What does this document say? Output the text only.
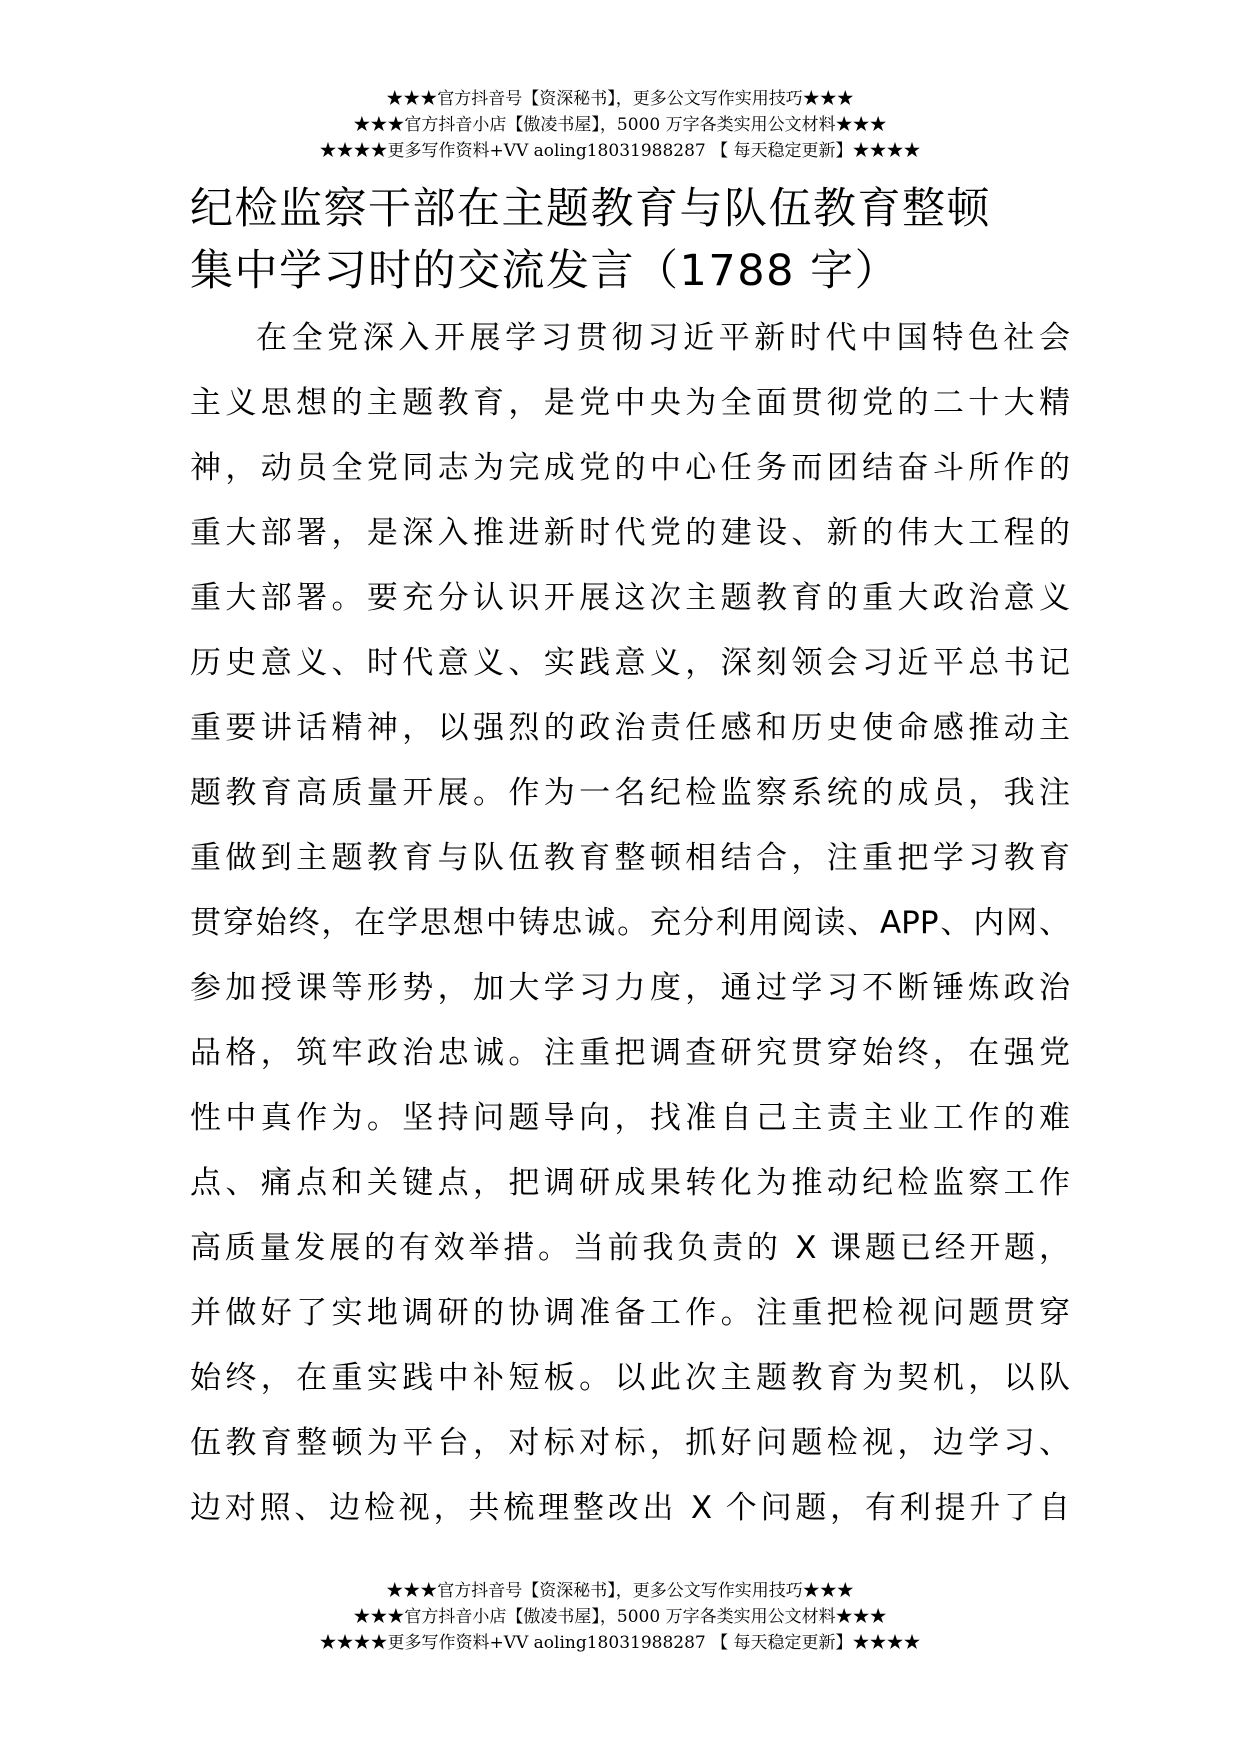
★★★官方抖音号【资深秘书】，更多公文写作实用技巧★★★
★★★官方抖音小店【傲凌书屋】，5000 万字各类实用公文材料★★★
★★★★更多写作资料+VV aoling18031988287 【 每天稳定更新】★★★★
纪检监察干部在主题教育与队伍教育整顿
集中学习时的交流发言（1788 字）
在全党深入开展学习贯彻习近平新时代中国特色社会
主义思想的主题教育，是党中央为全面贯彻党的二十大精
神，动员全党同志为完成党的中心任务而团结奋斗所作的
重大部署，是深入推进新时代党的建设、新的伟大工程的
重大部署。要充分认识开展这次主题教育的重大政治意义
历史意义、时代意义、实践意义，深刻领会习近平总书记
重要讲话精神，以强烈的政治责任感和历史使命感推动主
题教育高质量开展。作为一名纪检监察系统的成员，我注
重做到主题教育与队伍教育整顿相结合，注重把学习教育
贯穿始终，在学思想中铸忠诚。充分利用阅读、APP、内网、
参加授课等形势，加大学习力度，通过学习不断锤炼政治
品格，筑牢政治忠诚。注重把调查研究贯穿始终，在强党
性中真作为。坚持问题导向，找准自己主责主业工作的难
点、痛点和关键点，把调研成果转化为推动纪检监察工作
高质量发展的有效举措。当前我负责的 X 课题已经开题，
并做好了实地调研的协调准备工作。注重把检视问题贯穿
始终，在重实践中补短板。以此次主题教育为契机，以队
伍教育整顿为平台，对标对标，抓好问题检视，边学习、
边对照、边检视，共梳理整改出 X 个问题，有利提升了自
★★★官方抖音号【资深秘书】，更多公文写作实用技巧★★★
★★★官方抖音小店【傲凌书屋】，5000 万字各类实用公文材料★★★
★★★★更多写作资料+VV aoling18031988287 【 每天稳定更新】★★★★
